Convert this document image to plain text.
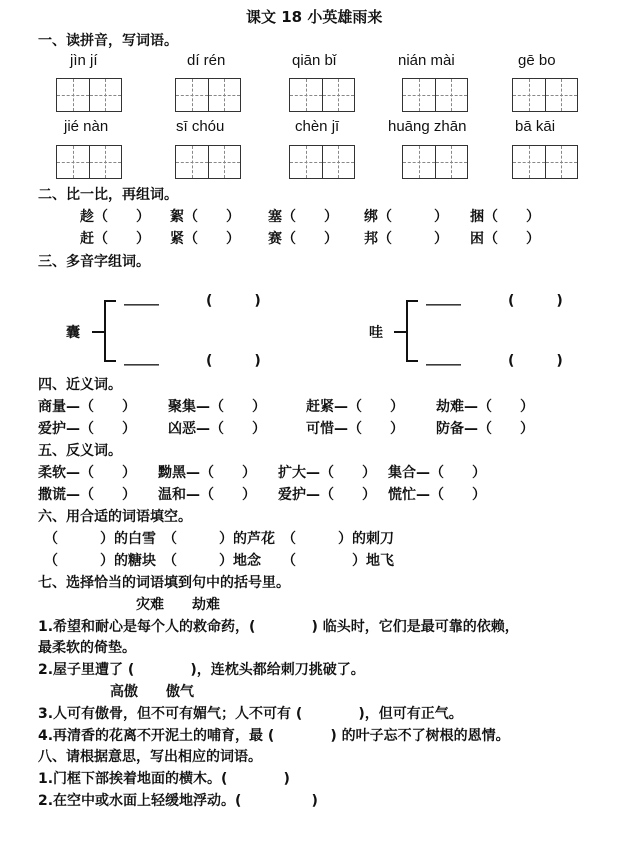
课文 18 小英雄雨来
一、读拼音，写词语。
jìn jí	dí rén	qiān bǐ	nián mài	gē bo
jié nàn	sī chóu	chèn jī	huāng zhān	bā kāi
二、比一比，再组词。
趁（　　） 絮（　　） 塞（　　） 绑（　　　） 捆（　　）
赶（　　） 紧（　　） 赛（　　） 邦（　　　） 困（　　）
三、多音字组词。
囊
_____	(　　　)
_____	(　　　)
哇
_____	(　　　)
_____	(　　　)
四、近义词。
商量—（　　） 聚集—（　　）	赶紧—（　　） 劫难—（　　）
爱护—（　　） 凶恶—（　　）	可惜—（　　） 防备—（　　）
五、反义词。
柔软—（　　） 黝黑—（　　） 扩大—（　　） 集合—（　　）
撒谎—（　　） 温和—（　　） 爱护—（　　） 慌忙—（　　）
六、用合适的词语填空。
（　　　）的白雪　（　　　）的芦花　（　　　）的刺刀
（　　　）的糖块　（　　　）地念　　（　　　　）地飞
七、选择恰当的词语填到句中的括号里。
灾难　　劫难
1.希望和耐心是每个人的救命药，(　　　　) 临头时，它们是最可靠的依赖，
最柔软的倚垫。
2.屋子里遭了 (　　　　)，连枕头都给刺刀挑破了。
高傲　　傲气
3.人可有傲骨，但不可有媚气；人不可有 (　　　　)，但可有正气。
4.再清香的花离不开泥土的哺育，最 (　　　　) 的叶子忘不了树根的恩情。
八、请根据意思，写出相应的词语。
1.门框下部挨着地面的横木。(　　　　)
2.在空中或水面上轻缓地浮动。(　　　　　)
